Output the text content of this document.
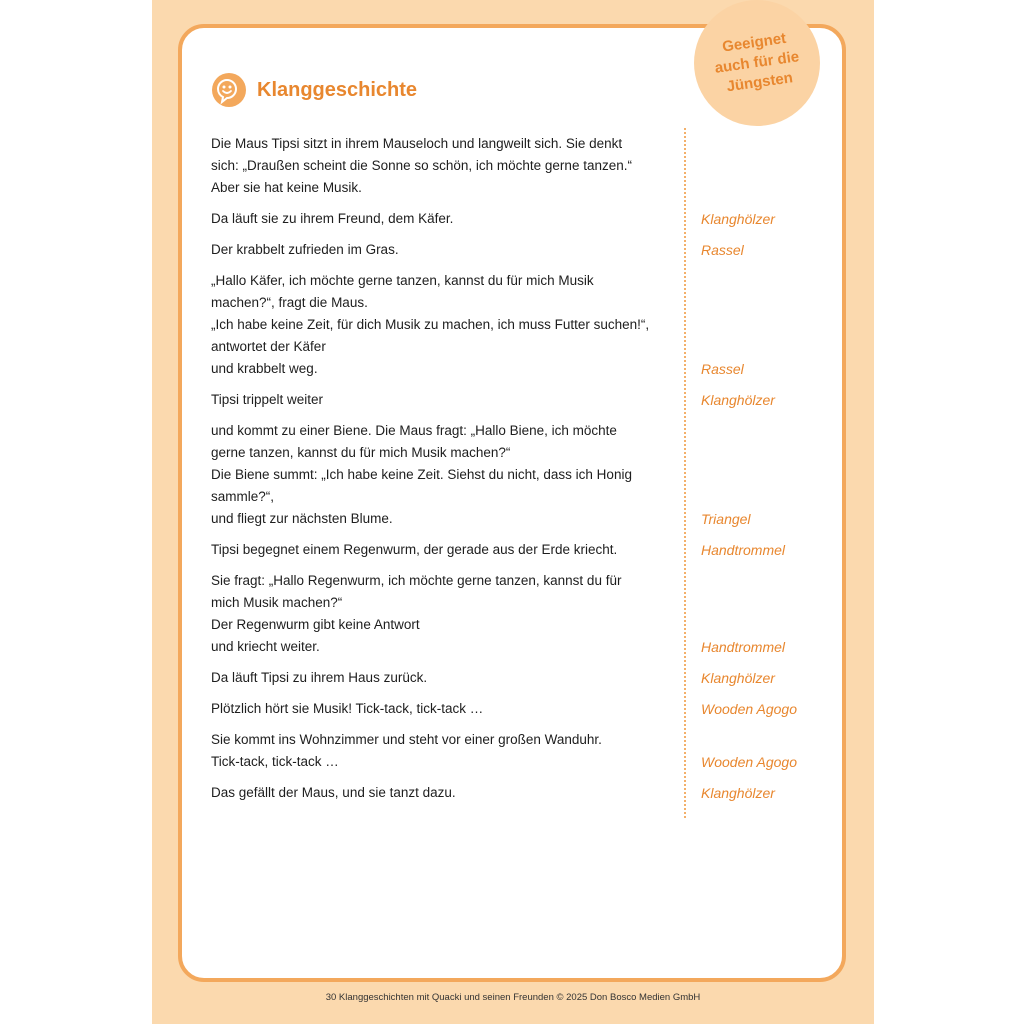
Geeignet auch für die Jüngsten
Klanggeschichte
Die Maus Tipsi sitzt in ihrem Mauseloch und langweilt sich. Sie denkt
sich: „Draußen scheint die Sonne so schön, ich möchte gerne tanzen.“
Aber sie hat keine Musik.
Da läuft sie zu ihrem Freund, dem Käfer.	Klanghölzer
Der krabbelt zufrieden im Gras.	Rassel
„Hallo Käfer, ich möchte gerne tanzen, kannst du für mich Musik
machen?“, fragt die Maus.
„Ich habe keine Zeit, für dich Musik zu machen, ich muss Futter suchen!“,
antwortet der Käfer
und krabbelt weg.	Rassel
Tipsi trippelt weiter	Klanghölzer
und kommt zu einer Biene. Die Maus fragt: „Hallo Biene, ich möchte
gerne tanzen, kannst du für mich Musik machen?“
Die Biene summt: „Ich habe keine Zeit. Siehst du nicht, dass ich Honig
sammle?“,
und fliegt zur nächsten Blume.	Triangel
Tipsi begegnet einem Regenwurm, der gerade aus der Erde kriecht.	Handtrommel
Sie fragt: „Hallo Regenwurm, ich möchte gerne tanzen, kannst du für
mich Musik machen?“
Der Regenwurm gibt keine Antwort
und kriecht weiter.	Handtrommel
Da läuft Tipsi zu ihrem Haus zurück.	Klanghölzer
Plötzlich hört sie Musik! Tick-tack, tick-tack …	Wooden Agogo
Sie kommt ins Wohnzimmer und steht vor einer großen Wanduhr.
Tick-tack, tick-tack …	Wooden Agogo
Das gefällt der Maus, und sie tanzt dazu.	Klanghölzer
30 Klanggeschichten mit Quacki und seinen Freunden © 2025 Don Bosco Medien GmbH
